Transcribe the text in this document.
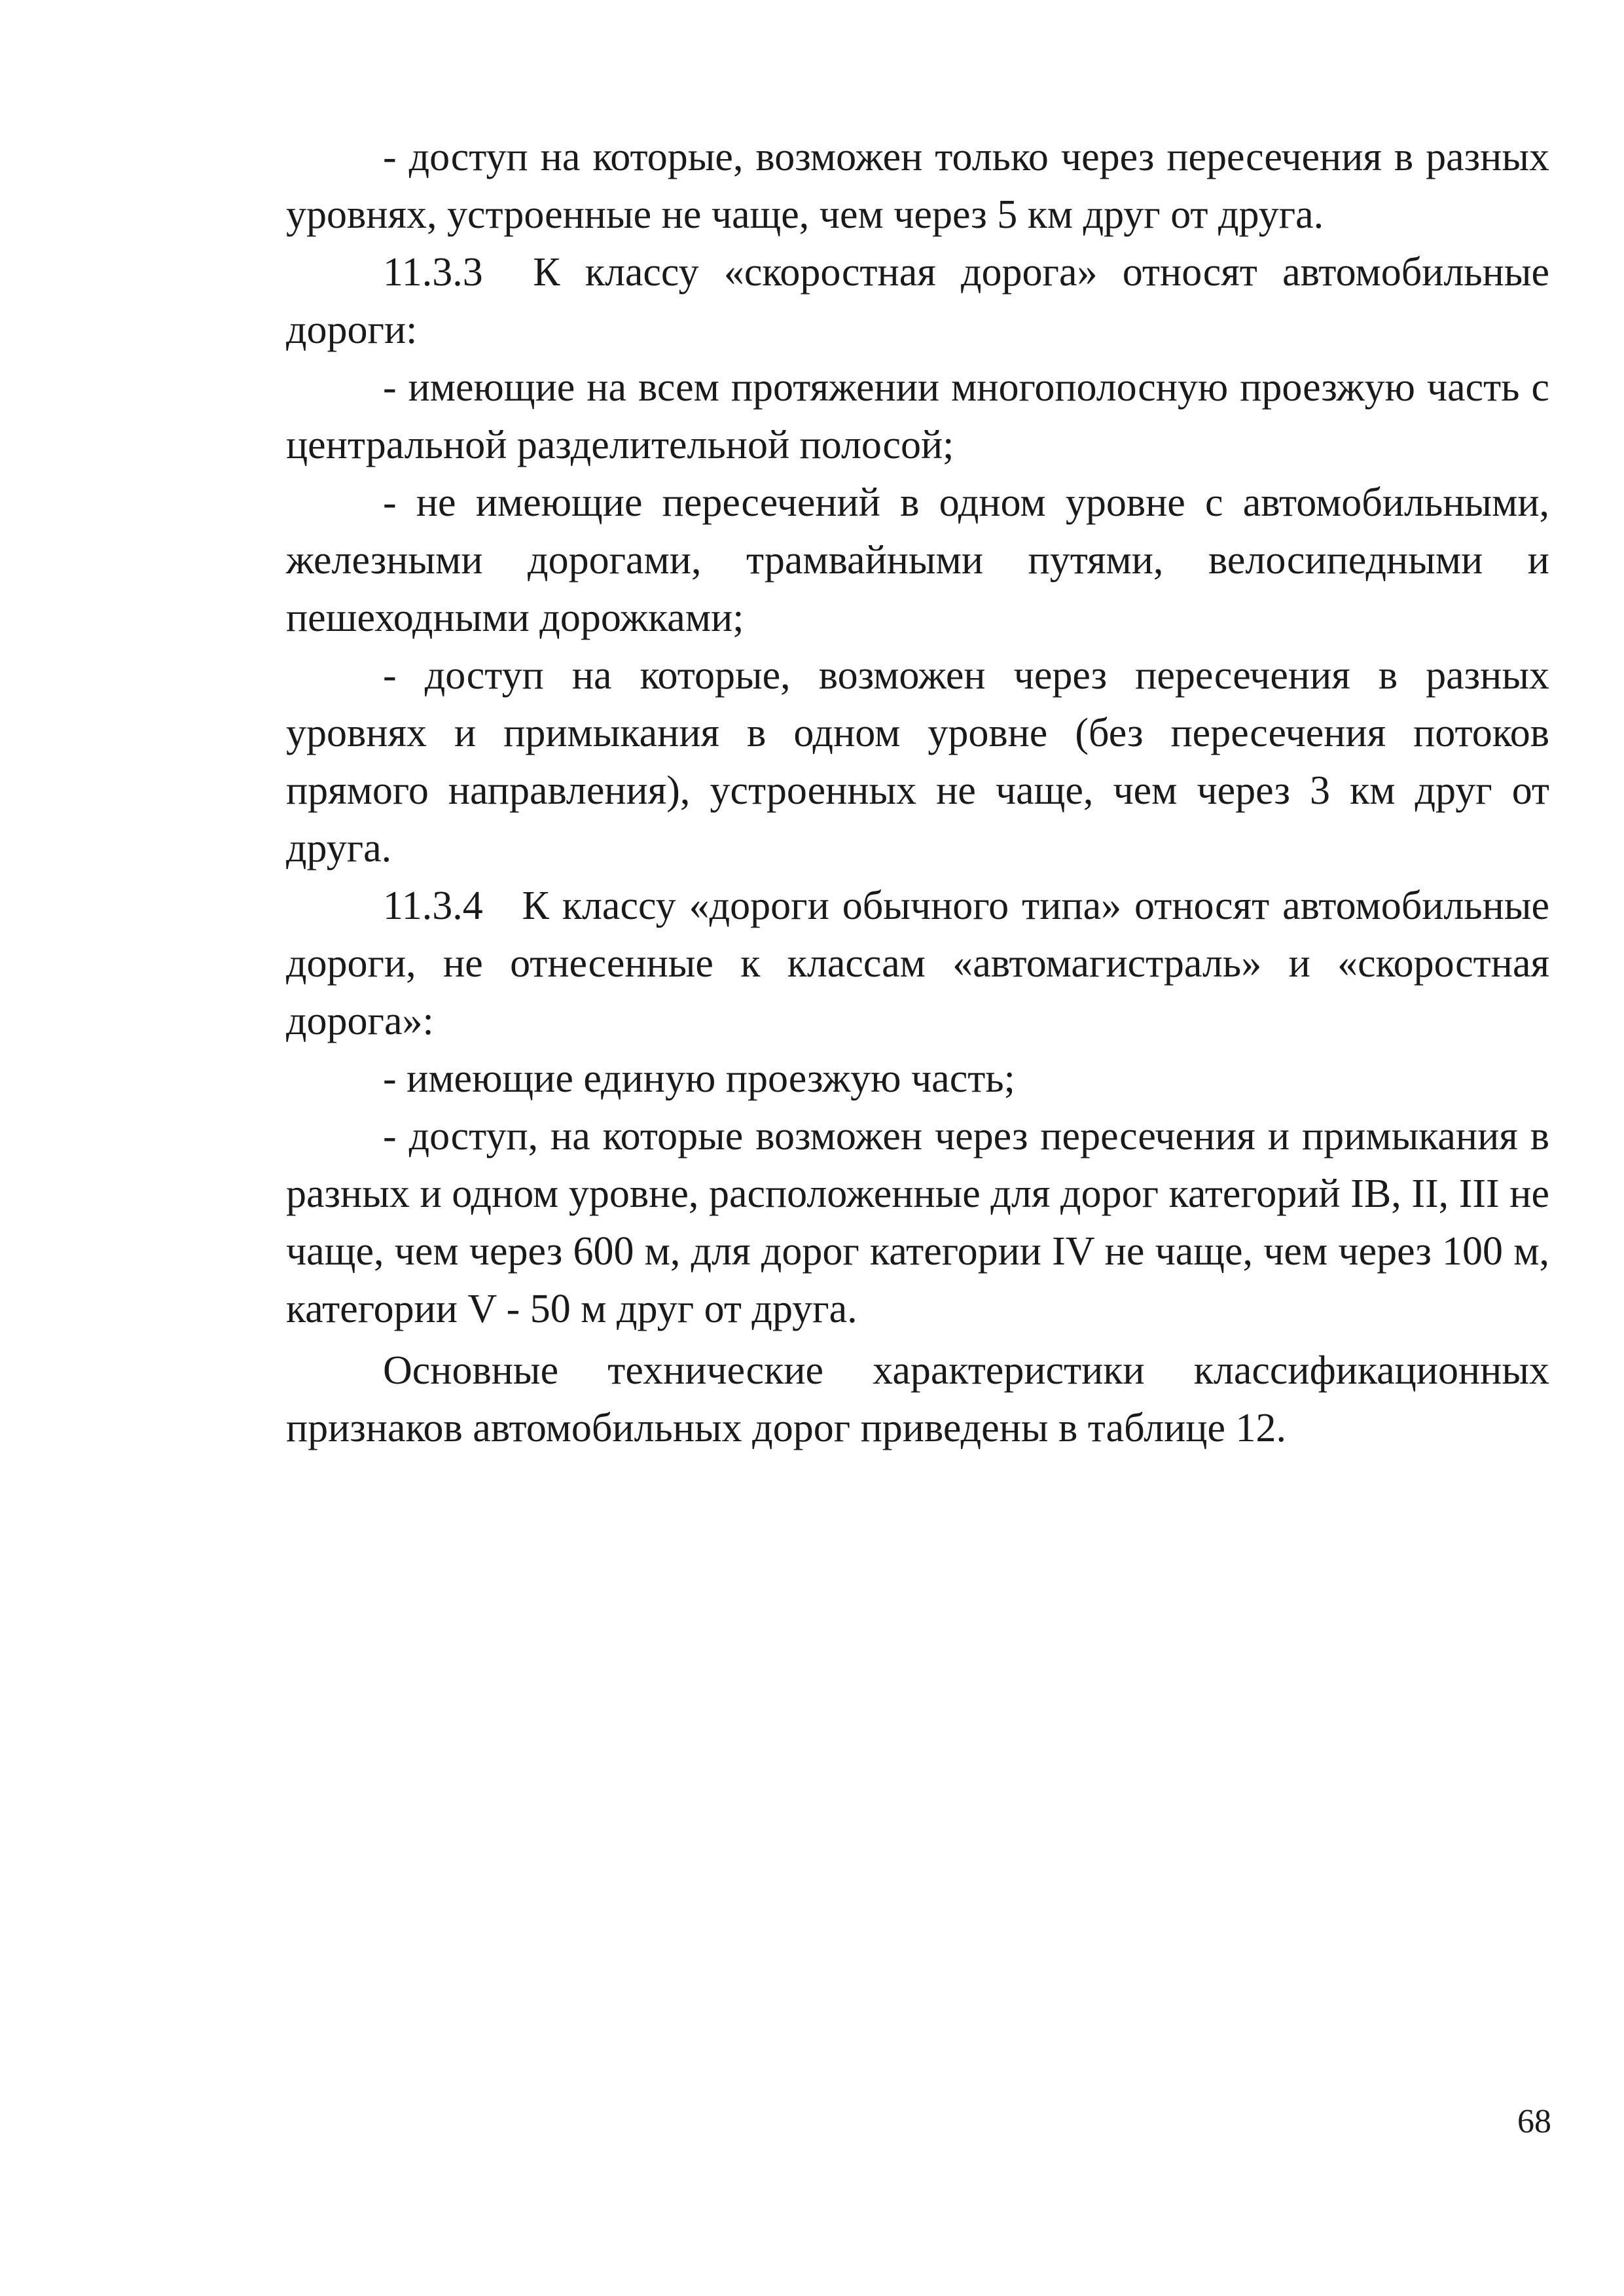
- доступ на которые, возможен только через пересечения в разных уровнях, устроенные не чаще, чем через 5 км друг от друга.

11.3.3  К классу «скоростная дорога» относят автомобильные дороги:

- имеющие на всем протяжении многополосную проезжую часть с центральной разделительной полосой;

- не имеющие пересечений в одном уровне с автомобильными, железными дорогами, трамвайными путями, велосипедными и пешеходными дорожками;

- доступ на которые, возможен через пересечения в разных уровнях и примыкания в одном уровне (без пересечения потоков прямого направления), устроенных не чаще, чем через 3 км друг от друга.

11.3.4   К классу «дороги обычного типа» относят автомобильные дороги, не отнесенные к классам «автомагистраль» и «скоростная дорога»:

- имеющие единую проезжую часть;

- доступ, на которые возможен через пересечения и примыкания в разных и одном уровне, расположенные для дорог категорий IB, II, III не чаще, чем через 600 м, для дорог категории IV не чаще, чем через 100 м, категории V - 50 м друг от друга.

Основные технические характеристики классификационных признаков автомобильных дорог приведены в таблице 12.

68
